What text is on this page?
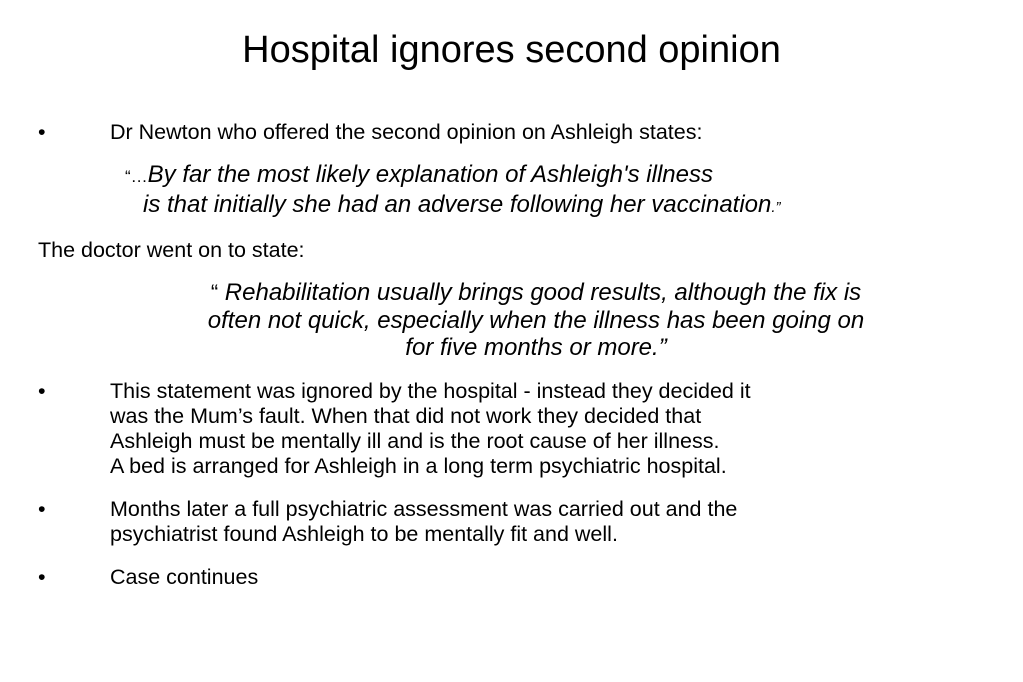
Hospital ignores second opinion
•	Dr Newton who offered the second opinion on Ashleigh states:
“…By far the most likely explanation of Ashleigh's illness
is that initially she had an adverse following her vaccination.”
The doctor went on to state:
“ Rehabilitation usually brings good results, although the fix is
often not quick, especially when the illness has been going on
for five months or more.”
•	This statement was ignored by the hospital - instead they decided it
was the Mum’s fault. When that did not work they decided that
Ashleigh must be mentally ill and is the root cause of her illness.
A bed is arranged for Ashleigh in a long term psychiatric hospital.
•	Months later a full psychiatric assessment was carried out and the
psychiatrist found Ashleigh to be mentally fit and well.
•	Case continues
